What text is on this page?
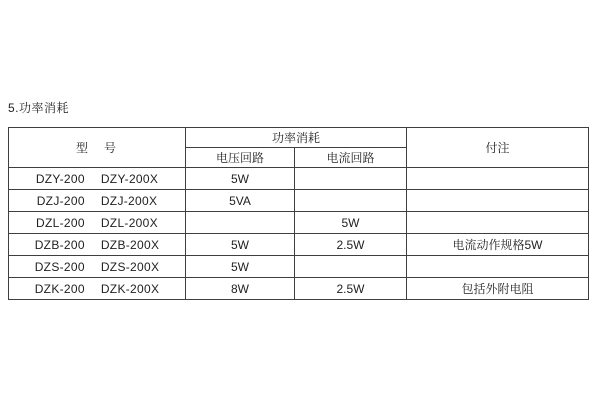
5.功率消耗
型　号	功率消耗		付注
	电压回路	电流回路	
DZY-200 DZY-200X	5W		
DZJ-200 DZJ-200X	5VA		
DZL-200 DZL-200X		5W	
DZB-200 DZB-200X	5W	2.5W	电流动作规格5W
DZS-200 DZS-200X	5W		
DZK-200 DZK-200X	8W	2.5W	包括外附电阻
